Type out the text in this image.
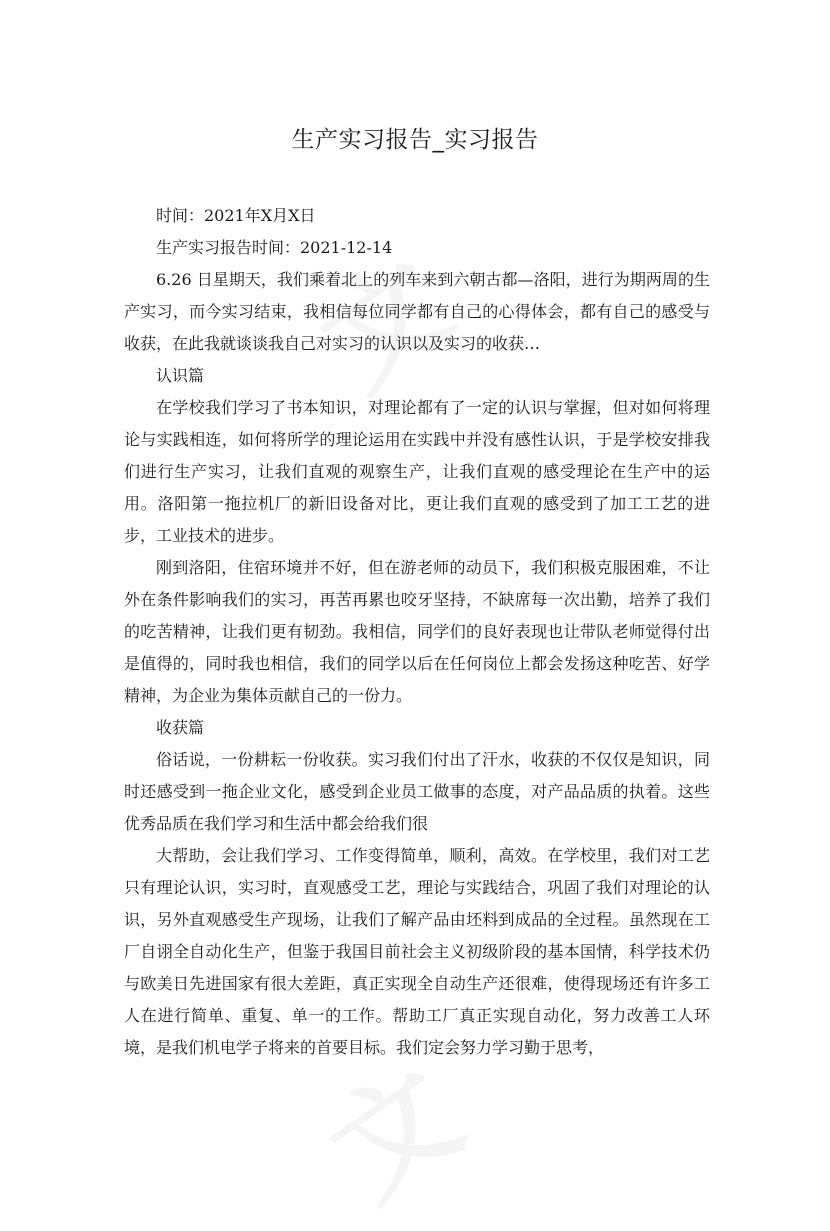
生产实习报告_实习报告

时间：2021年X月X日

生产实习报告时间：2021-12-14

6.26 日星期天，我们乘着北上的列车来到六朝古都—洛阳，进行为期两周的生产实习，而今实习结束，我相信每位同学都有自己的心得体会，都有自己的感受与收获，在此我就谈谈我自己对实习的认识以及实习的收获…

认识篇

在学校我们学习了书本知识，对理论都有了一定的认识与掌握，但对如何将理论与实践相连，如何将所学的理论运用在实践中并没有感性认识，于是学校安排我们进行生产实习，让我们直观的观察生产，让我们直观的感受理论在生产中的运用。洛阳第一拖拉机厂的新旧设备对比，更让我们直观的感受到了加工工艺的进步，工业技术的进步。

刚到洛阳，住宿环境并不好，但在游老师的动员下，我们积极克服困难，不让外在条件影响我们的实习，再苦再累也咬牙坚持，不缺席每一次出勤，培养了我们的吃苦精神，让我们更有韧劲。我相信，同学们的良好表现也让带队老师觉得付出是值得的，同时我也相信，我们的同学以后在任何岗位上都会发扬这种吃苦、好学精神，为企业为集体贡献自己的一份力。

收获篇

俗话说，一份耕耘一份收获。实习我们付出了汗水，收获的不仅仅是知识，同时还感受到一拖企业文化，感受到企业员工做事的态度，对产品品质的执着。这些优秀品质在我们学习和生活中都会给我们很

大帮助，会让我们学习、工作变得简单，顺利，高效。在学校里，我们对工艺只有理论认识，实习时，直观感受工艺，理论与实践结合，巩固了我们对理论的认识，另外直观感受生产现场，让我们了解产品由坯料到成品的全过程。虽然现在工厂自诩全自动化生产，但鉴于我国目前社会主义初级阶段的基本国情，科学技术仍与欧美日先进国家有很大差距，真正实现全自动生产还很难，使得现场还有许多工人在进行简单、重复、单一的工作。帮助工厂真正实现自动化，努力改善工人环境，是我们机电学子将来的首要目标。我们定会努力学习勤于思考，
